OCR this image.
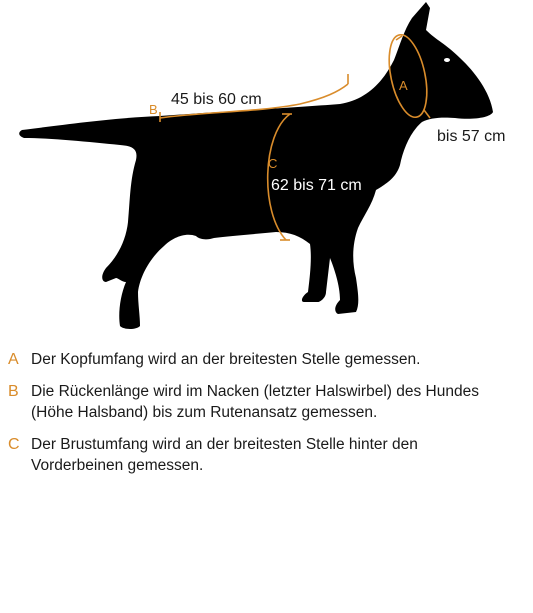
B
A
C
45 bis 60 cm
bis 57 cm
62 bis 71 cm
A Der Kopfumfang wird an der breitesten Stelle gemessen.
B Die Rückenlänge wird im Nacken (letzter Halswirbel) des Hundes (Höhe Halsband) bis zum Rutenansatz gemessen.
C Der Brustumfang wird an der breitesten Stelle hinter den Vorderbeinen gemessen.
